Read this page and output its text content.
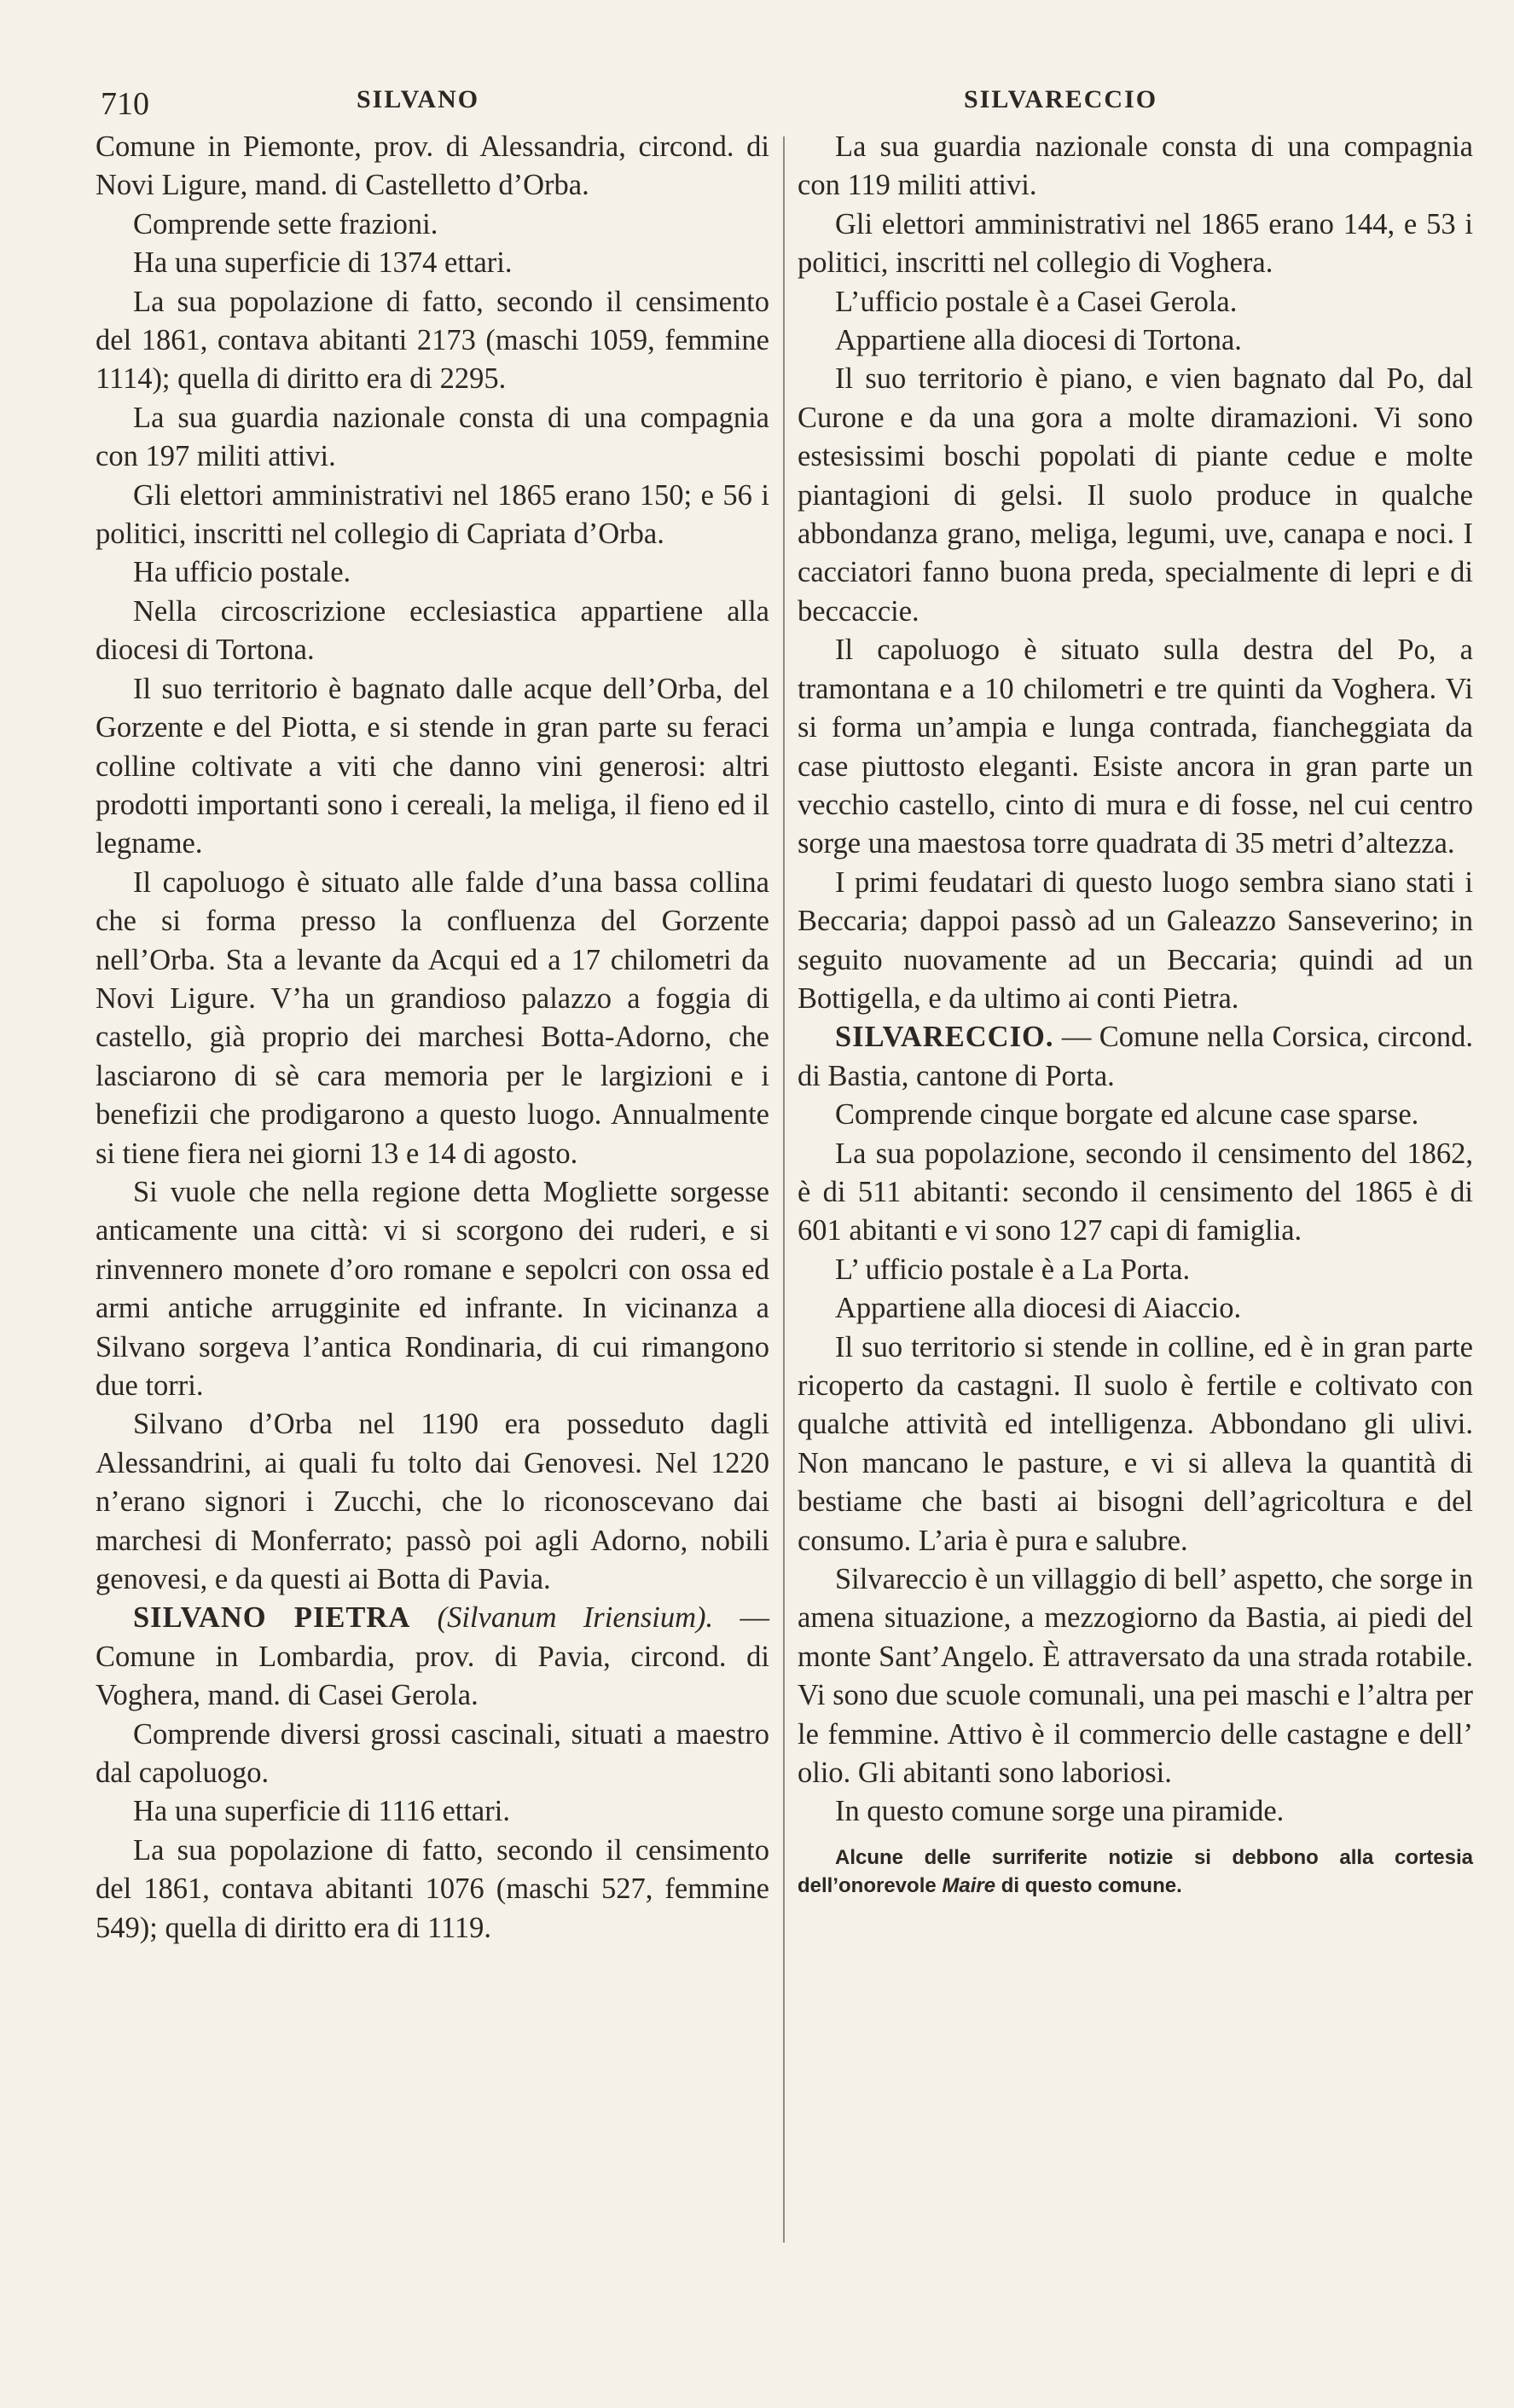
710	SILVANO	SILVARECCIO

Comune in Piemonte, prov. di Alessandria, circond. di Novi Ligure, mand. di Castelletto d’Orba.

Comprende sette frazioni.

Ha una superficie di 1374 ettari.

La sua popolazione di fatto, secondo il censimento del 1861, contava abitanti 2173 (maschi 1059, femmine 1114); quella di diritto era di 2295.

La sua guardia nazionale consta di una compagnia con 197 militi attivi.

Gli elettori amministrativi nel 1865 erano 150; e 56 i politici, inscritti nel collegio di Capriata d’Orba.

Ha ufficio postale.

Nella circoscrizione ecclesiastica appartiene alla diocesi di Tortona.

Il suo territorio è bagnato dalle acque dell’Orba, del Gorzente e del Piotta, e si stende in gran parte su feraci colline coltivate a viti che danno vini generosi: altri prodotti importanti sono i cereali, la meliga, il fieno ed il legname.

Il capoluogo è situato alle falde d’una bassa collina che si forma presso la confluenza del Gorzente nell’Orba. Sta a levante da Acqui ed a 17 chilometri da Novi Ligure. V’ha un grandioso palazzo a foggia di castello, già proprio dei marchesi Botta-Adorno, che lasciarono di sè cara memoria per le largizioni e i benefizii che prodigarono a questo luogo. Annualmente si tiene fiera nei giorni 13 e 14 di agosto.

Si vuole che nella regione detta Mogliette sorgesse anticamente una città: vi si scorgono dei ruderi, e si rinvennero monete d’oro romane e sepolcri con ossa ed armi antiche arrugginite ed infrante. In vicinanza a Silvano sorgeva l’antica Rondinaria, di cui rimangono due torri.

Silvano d’Orba nel 1190 era posseduto dagli Alessandrini, ai quali fu tolto dai Genovesi. Nel 1220 n’erano signori i Zucchi, che lo riconoscevano dai marchesi di Monferrato; passò poi agli Adorno, nobili genovesi, e da questi ai Botta di Pavia.

SILVANO PIETRA (Silvanum Iriensium). — Comune in Lombardia, prov. di Pavia, circond. di Voghera, mand. di Casei Gerola.

Comprende diversi grossi cascinali, situati a maestro dal capoluogo.

Ha una superficie di 1116 ettari.

La sua popolazione di fatto, secondo il censimento del 1861, contava abitanti 1076 (maschi 527, femmine 549); quella di diritto era di 1119.

La sua guardia nazionale consta di una compagnia con 119 militi attivi.

Gli elettori amministrativi nel 1865 erano 144, e 53 i politici, inscritti nel collegio di Voghera.

L’ufficio postale è a Casei Gerola.

Appartiene alla diocesi di Tortona.

Il suo territorio è piano, e vien bagnato dal Po, dal Curone e da una gora a molte diramazioni. Vi sono estesissimi boschi popolati di piante cedue e molte piantagioni di gelsi. Il suolo produce in qualche abbondanza grano, meliga, legumi, uve, canapa e noci. I cacciatori fanno buona preda, specialmente di lepri e di beccaccie.

Il capoluogo è situato sulla destra del Po, a tramontana e a 10 chilometri e tre quinti da Voghera. Vi si forma un’ampia e lunga contrada, fiancheggiata da case piuttosto eleganti. Esiste ancora in gran parte un vecchio castello, cinto di mura e di fosse, nel cui centro sorge una maestosa torre quadrata di 35 metri d’altezza.

I primi feudatari di questo luogo sembra siano stati i Beccaria; dappoi passò ad un Galeazzo Sanseverino; in seguito nuovamente ad un Beccaria; quindi ad un Bottigella, e da ultimo ai conti Pietra.

SILVARECCIO. — Comune nella Corsica, circond. di Bastia, cantone di Porta.

Comprende cinque borgate ed alcune case sparse.

La sua popolazione, secondo il censimento del 1862, è di 511 abitanti: secondo il censimento del 1865 è di 601 abitanti e vi sono 127 capi di famiglia.

L’ ufficio postale è a La Porta.

Appartiene alla diocesi di Aiaccio.

Il suo territorio si stende in colline, ed è in gran parte ricoperto da castagni. Il suolo è fertile e coltivato con qualche attività ed intelligenza. Abbondano gli ulivi. Non mancano le pasture, e vi si alleva la quantità di bestiame che basti ai bisogni dell’agricoltura e del consumo. L’aria è pura e salubre.

Silvareccio è un villaggio di bell’ aspetto, che sorge in amena situazione, a mezzogiorno da Bastia, ai piedi del monte Sant’Angelo. È attraversato da una strada rotabile. Vi sono due scuole comunali, una pei maschi e l’altra per le femmine. Attivo è il commercio delle castagne e dell’ olio. Gli abitanti sono laboriosi.

In questo comune sorge una piramide.

Alcune delle surriferite notizie si debbono alla cortesia dell’onorevole Maire di questo comune.
